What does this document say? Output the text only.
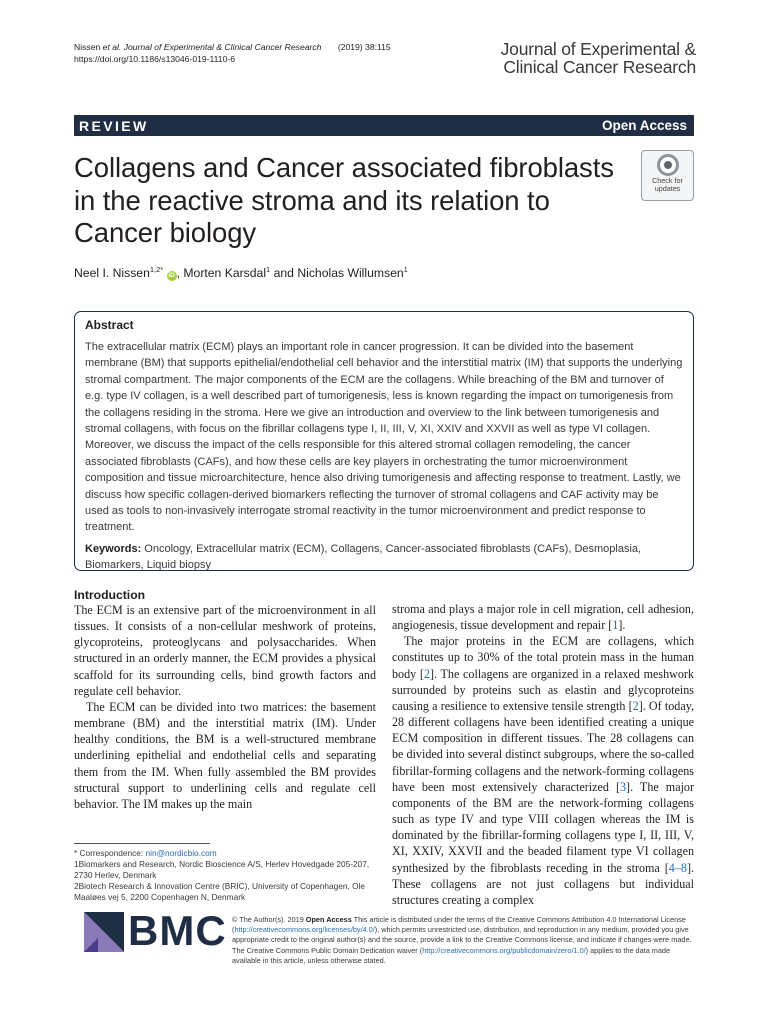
Nissen et al. Journal of Experimental & Clinical Cancer Research (2019) 38:115
https://doi.org/10.1186/s13046-019-1110-6	Journal of Experimental &
Clinical Cancer Research
REVIEW	Open Access
Collagens and Cancer associated fibroblasts
in the reactive stroma and its relation to
Cancer biology
Check for
updates
Neel I. Nissen$^{1,2*}$ iD , Morten Karsdal$^1$ and Nicholas Willumsen$^1$
Abstract
The extracellular matrix (ECM) plays an important role in cancer progression. It can be divided into the basement membrane (BM) that supports epithelial/endothelial cell behavior and the interstitial matrix (IM) that supports the underlying stromal compartment. The major components of the ECM are the collagens. While breaching of the BM and turnover of e.g. type IV collagen, is a well described part of tumorigenesis, less is known regarding the impact on tumorigenesis from the collagens residing in the stroma. Here we give an introduction and overview to the link between tumorigenesis and stromal collagens, with focus on the fibrillar collagens type I, II, III, V, XI, XXIV and XXVII as well as type VI collagen. Moreover, we discuss the impact of the cells responsible for this altered stromal collagen remodeling, the cancer associated fibroblasts (CAFs), and how these cells are key players in orchestrating the tumor microenvironment composition and tissue microarchitecture, hence also driving tumorigenesis and affecting response to treatment. Lastly, we discuss how specific collagen-derived biomarkers reflecting the turnover of stromal collagens and CAF activity may be used as tools to non-invasively interrogate stromal reactivity in the tumor microenvironment and predict response to treatment.
Keywords: Oncology, Extracellular matrix (ECM), Collagens, Cancer-associated fibroblasts (CAFs), Desmoplasia, Biomarkers, Liquid biopsy
Introduction

The ECM is an extensive part of the microenvironment in all tissues. It consists of a non-cellular meshwork of proteins, glycoproteins, proteoglycans and polysaccharides. When structured in an orderly manner, the ECM provides a physical scaffold for its surrounding cells, bind growth factors and regulate cell behavior.

The ECM can be divided into two matrices: the basement membrane (BM) and the interstitial matrix (IM). Under healthy conditions, the BM is a well-structured membrane underlining epithelial and endothelial cells and separating them from the IM. When fully assembled the BM provides structural support to underlining cells and regulate cell behavior. The IM makes up the main

stroma and plays a major role in cell migration, cell adhesion, angiogenesis, tissue development and repair [1].

The major proteins in the ECM are collagens, which constitutes up to 30% of the total protein mass in the human body [2]. The collagens are organized in a relaxed meshwork surrounded by proteins such as elastin and glycoproteins causing a resilience to extensive tensile strength [2]. Of today, 28 different collagens have been identified creating a unique ECM composition in different tissues. The 28 collagens can be divided into several distinct subgroups, where the so-called fibrillar-forming collagens and the network-forming collagens have been most extensively characterized [3]. The major components of the BM are the network-forming collagens such as type IV and type VIII collagen whereas the IM is dominated by the fibrillar-forming collagens type I, II, III, V, XI, XXIV, XXVII and the beaded filament type VI collagen synthesized by the fibroblasts receding in the stroma [4–8]. These collagens are not just collagens but individual structures creating a complex

* Correspondence: nin@nordicbio.com
1Biomarkers and Research, Nordic Bioscience A/S, Herlev Hovedgade 205-207, 2730 Herlev, Denmark
2Biotech Research & Innovation Centre (BRIC), University of Copenhagen, Ole Maaløes vej 5, 2200 Copenhagen N, Denmark
BMC © The Author(s). 2019 Open Access This article is distributed under the terms of the Creative Commons Attribution 4.0 International License (http://creativecommons.org/licenses/by/4.0/), which permits unrestricted use, distribution, and reproduction in any medium, provided you give appropriate credit to the original author(s) and the source, provide a link to the Creative Commons license, and indicate if changes were made. The Creative Commons Public Domain Dedication waiver (http://creativecommons.org/publicdomain/zero/1.0/) applies to the data made available in this article, unless otherwise stated.
